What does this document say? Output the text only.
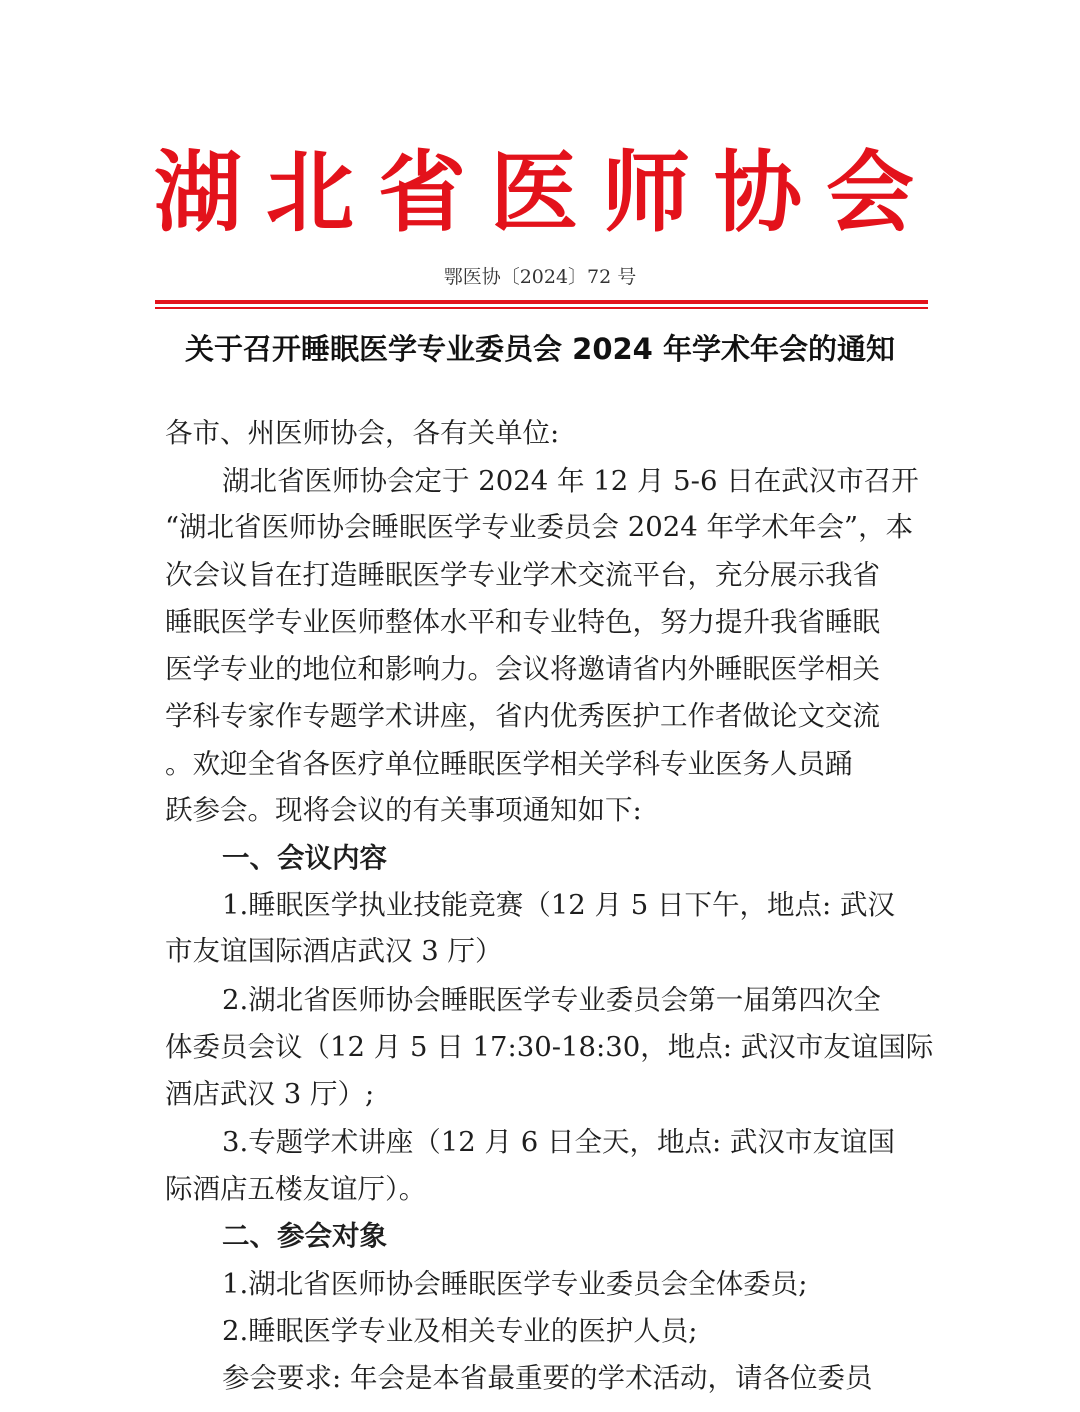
湖北省医师协会
鄂医协〔2024〕72 号
关于召开睡眠医学专业委员会 2024 年学术年会的通知
各市、州医师协会，各有关单位:
湖北省医师协会定于 2024 年 12 月 5-6 日在武汉市召开
“湖北省医师协会睡眠医学专业委员会 2024 年学术年会”，本
次会议旨在打造睡眠医学专业学术交流平台，充分展示我省
睡眠医学专业医师整体水平和专业特色，努力提升我省睡眠
医学专业的地位和影响力。会议将邀请省内外睡眠医学相关
学科专家作专题学术讲座，省内优秀医护工作者做论文交流
。欢迎全省各医疗单位睡眠医学相关学科专业医务人员踊
跃参会。现将会议的有关事项通知如下:
一、会议内容
1.睡眠医学执业技能竞赛（12 月 5 日下午，地点: 武汉
市友谊国际酒店武汉 3 厅）
2.湖北省医师协会睡眠医学专业委员会第一届第四次全
体委员会议（12 月 5 日 17:30-18:30，地点: 武汉市友谊国际
酒店武汉 3 厅）;
3.专题学术讲座（12 月 6 日全天，地点: 武汉市友谊国
际酒店五楼友谊厅）。
二、参会对象
1.湖北省医师协会睡眠医学专业委员会全体委员;
2.睡眠医学专业及相关专业的医护人员;
参会要求: 年会是本省最重要的学术活动，请各位委员
